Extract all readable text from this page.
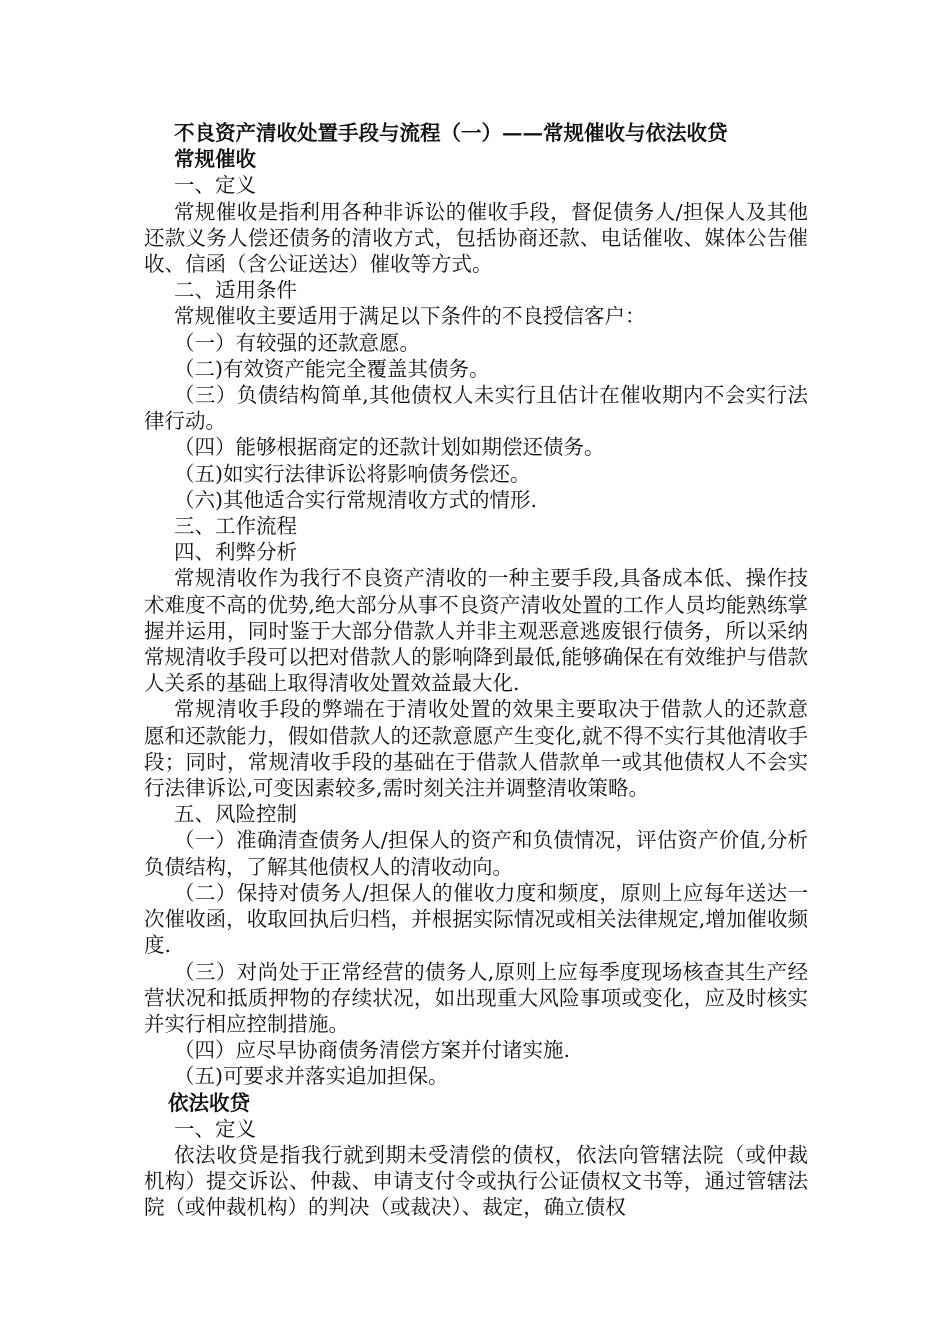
不良资产清收处置手段与流程（一）——常规催收与依法收贷
常规催收
一、定义

常规催收是指利用各种非诉讼的催收手段，督促债务人/担保人及其他还款义务人偿还债务的清收方式，包括协商还款、电话催收、媒体公告催收、信函（含公证送达）催收等方式。

二、适用条件

常规催收主要适用于满足以下条件的不良授信客户：

（一）有较强的还款意愿。

（二)有效资产能完全覆盖其债务。

（三）负债结构简单,其他债权人未实行且估计在催收期内不会实行法律行动。

（四）能够根据商定的还款计划如期偿还债务。

（五)如实行法律诉讼将影响债务偿还。

（六)其他适合实行常规清收方式的情形.

三、工作流程
四、利弊分析

常规清收作为我行不良资产清收的一种主要手段,具备成本低、操作技术难度不高的优势,绝大部分从事不良资产清收处置的工作人员均能熟练掌握并运用，同时鉴于大部分借款人并非主观恶意逃废银行债务，所以采纳常规清收手段可以把对借款人的影响降到最低,能够确保在有效维护与借款人关系的基础上取得清收处置效益最大化.

常规清收手段的弊端在于清收处置的效果主要取决于借款人的还款意愿和还款能力，假如借款人的还款意愿产生变化,就不得不实行其他清收手段；同时，常规清收手段的基础在于借款人借款单一或其他债权人不会实行法律诉讼,可变因素较多,需时刻关注并调整清收策略。

五、风险控制

（一）准确清查债务人/担保人的资产和负债情况，评估资产价值,分析负债结构，了解其他债权人的清收动向。

（二）保持对债务人/担保人的催收力度和频度，原则上应每年送达一次催收函，收取回执后归档，并根据实际情况或相关法律规定,增加催收频度.

（三）对尚处于正常经营的债务人,原则上应每季度现场核查其生产经营状况和抵质押物的存续状况，如出现重大风险事项或变化，应及时核实并实行相应控制措施。

（四）应尽早协商债务清偿方案并付诸实施.

（五)可要求并落实追加担保。

依法收贷
一、定义

依法收贷是指我行就到期未受清偿的债权，依法向管辖法院（或仲裁机构）提交诉讼、仲裁、申请支付令或执行公证债权文书等，通过管辖法院（或仲裁机构）的判决（或裁决）、裁定，确立债权
